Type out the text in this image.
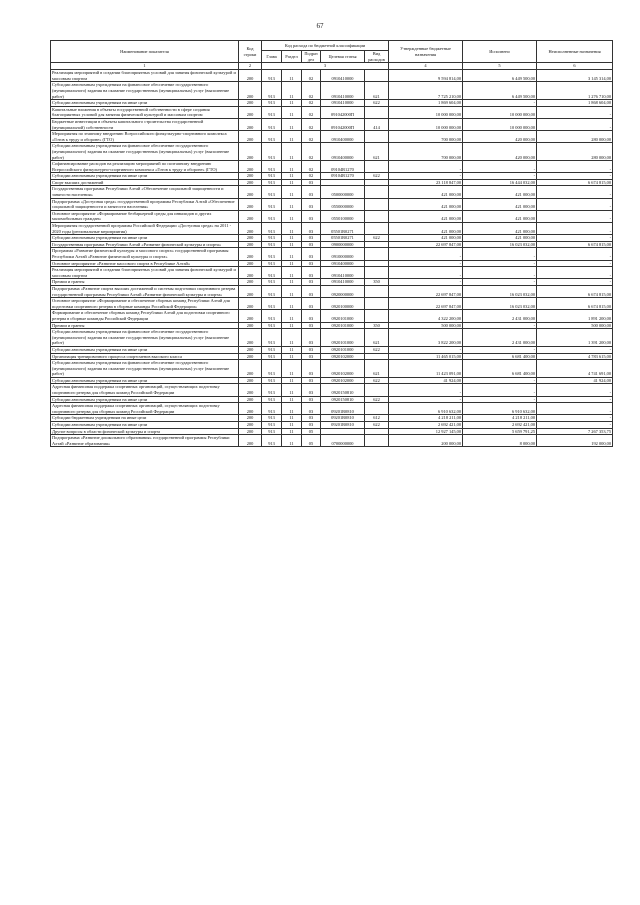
67
Наименование показателя	Код строки	Код расхода по бюджетной классификации					Утвержденные бюджетные назначения	Исполнено	Неисполненные назначения
		Глава	Раздел	Подраз дел	Целевая статья	Вид расходов			
1	2	3					4	5	6
Реализация мероприятий в создании благоприятных условий для занятия физической культурой и массовым спортом	200	913	11	02	0910410000		9 594 814,00	6 449 500,00	3 145 314,00
Субсидии автономным учреждениям на финансовое обеспечение государственного (муниципального) задания на оказание государственных (муниципальных) услуг (выполнение работ)	200	913	11	02	0910410000	621	7 725 210,00	6 449 500,00	1 276 710,00
Субсидии автономным учреждениям на иные цели	200	913	11	02	0910410000	622	1 869 604,00	-	1 868 604,00
Капитальные вложения в объекты государственной собственности в сфере создания благоприятных условий для занятия физической культурой и массовым спортом	200	913	11	02	091042000П		10 000 000,00	10 000 000,00	-
Бюджетные инвестиции в объекты капитального строительства государственной (муниципальной) собственности	200	913	11	02	091042000П	414	10 000 000,00	10 000 000,00	-
Мероприятия по этапному внедрению Всероссийского физкультурно-спортивного комплекса «Готов к труду и обороне» (ГТО)	200	913	11	02	0910400000		700 000,00	420 000,00	280 000,00
Субсидии автономным учреждениям на финансовое обеспечение государственного (муниципального) задания на оказание государственных (муниципальных) услуг (выполнение работ)	200	913	11	02	0910400000	621	700 000,00	420 000,00	280 000,00
Софинансирование расходов на реализацию мероприятий по поэтапному внедрению Всероссийского физкультурно-спортивного комплекса «Готов к труду и обороне» (ГТО)	200	913	11	02	09104R1270		-	-	-
Субсидии автономным учреждениям на иные цели	200	913	11	02	09104R1270	622	-	-	-
Спорт высших достижений	200	913	11	03			23 118 847,00	16 444 032,00	6 674 815,00
Государственная программа Республики Алтай «Обеспечение социальной защищенности и занятости населения»	200	913	11	03	0500000000		421 000,00	421 000,00	-
Подпрограмма «Доступная среда» государственной программы Республики Алтай «Обеспечение социальной защищенности и занятости населения»	200	913	11	03	0550000000		421 000,00	421 000,00	-
Основное мероприятие «Формирование безбарьерной среды для инвалидов и других маломобильных граждан»	200	913	11	03	0550100000		421 000,00	421 000,00	-
Мероприятия государственной программы Российской Федерации «Доступная среда» на 2011 - 2020 годы (региональные мероприятия)	200	913	11	03	05501R0271		421 000,00	421 000,00	-
Субсидии автономным учреждениям на иные цели	200	913	11	03	05501R0271	622	421 000,00	421 000,00	-
Государственная программа Республики Алтай «Развитие физической культуры и спорта»	200	913	11	03	0900000000		22 697 847,00	16 023 032,00	6 674 815,00
Программа «Развитие физической культуры и массового спорта» государственной программы Республики Алтай «Развитие физической культуры и спорта»	200	913	11	03	0910000000		-	-	-
Основное мероприятие «Развитие массового спорта в Республике Алтай»	200	913	11	03	0910400000		-	-	-
Реализация мероприятий в создании благоприятных условий для занятия физической культурой и массовым спортом	200	913	11	03	0910410000		-	-	-
Премии и гранты	200	913	11	03	0910410000	350	-	-	-
Подпрограмма «Развитие спорта высших достижений и системы подготовки спортивного резерва государственной программы Республики Алтай «Развитие физической культуры и спорта»	200	913	11	03	0920000000		22 697 847,00	16 023 032,00	6 674 815,00
Основное мероприятие «Формирование и обеспечение сборных команд Республики Алтай для подготовки спортивного резерва в сборные команды Российской Федерации»	200	913	11	03	0920100000		22 697 847,00	16 023 032,00	6 674 815,00
Формирование и обеспечение сборных команд Республики Алтай для подготовки спортивного резерва в сборные команды Российской Федерации	200	913	11	03	0920101000		4 322 200,00	2 431 000,00	1 891 200,00
Премии и гранты	200	913	11	03	0920101000	350	500 000,00	-	500 000,00
Субсидии автономным учреждениям на финансовое обеспечение государственного (муниципального) задания на оказание государственных (муниципальных) услуг (выполнение работ)	200	913	11	03	0920101000	621	3 822 200,00	2 431 000,00	1 391 200,00
Субсидии автономным учреждениям на иные цели	200	913	11	03	0920101000	622	-	-	-
Организация тренировочного процесса спортсменов высокого класса	200	913	11	03	0920102000		11 465 015,00	6 681 400,00	4 783 615,00
Субсидии автономным учреждениям на финансовое обеспечение государственного (муниципального) задания на оказание государственных (муниципальных) услуг (выполнение работ)	200	913	11	03	0920102000	621	11 423 091,00	6 681 400,00	4 741 691,00
Субсидии автономным учреждениям на иные цели	200	913	11	03	0920102000	622	41 924,00	-	41 924,00
Адресная финансовая поддержка спортивных организаций, осуществляющих подготовку спортивного резерва для сборных команд Российской Федерации	200	913	11	03	0920150810		-	-	-
Субсидии автономным учреждениям на иные цели	200	913	11	03	0920150810	622	-	-	-
Адресная финансовая поддержка спортивных организаций, осуществляющих подготовку спортивного резерва для сборных команд Российской Федерации	200	913	11	03	09201R0810		6 910 632,00	6 910 632,00	-
Субсидии бюджетным учреждениям на иные цели	200	913	11	03	09201R0810	612	4 218 211,00	4 218 211,00	-
Субсидии автономным учреждениям на иные цели	200	913	11	03	09201R0810	622	2 692 421,00	2 692 421,00	-
Другие вопросы в области физической культуры и спорта	200	913	11	05			12 927 145,00	5 659 791,25	7 267 353,75
Подпрограмма «Развитие дошкольного образования» государственной программы Республики Алтай «Развитие образования»	200	913	11	05	0700000000		200 000,00	8 000,00	192 000,00
